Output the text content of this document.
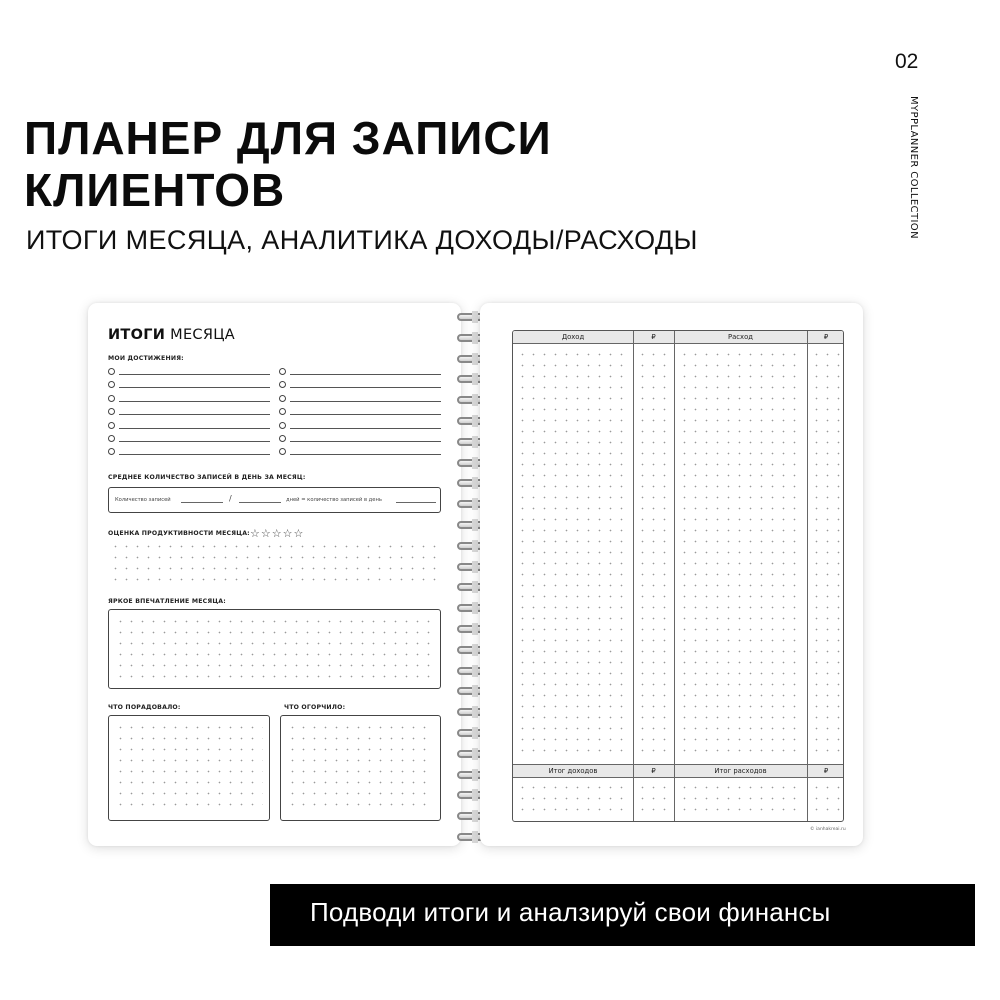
02
MYPPLANNER COLLECTION
ПЛАНЕР ДЛЯ ЗАПИСИ
КЛИЕНТОВ
ИТОГИ МЕСЯЦА, АНАЛИТИКА ДОХОДЫ/РАСХОДЫ
ИТОГИ МЕСЯЦА
МОИ ДОСТИЖЕНИЯ:
СРЕДНЕЕ КОЛИЧЕСТВО ЗАПИСЕЙ В ДЕНЬ ЗА МЕСЯЦ:
Количество записей	/	дней = количество записей в день
ОЦЕНКА ПРОДУКТИВНОСТИ МЕСЯЦА: ☆☆☆☆☆
ЯРКОЕ ВПЕЧАТЛЕНИЕ МЕСЯЦА:
ЧТО ПОРАДОВАЛО:	ЧТО ОГОРЧИЛО:
Доход	₽	Расход	₽
Итог доходов	₽	Итог расходов	₽
© ianhakreai.ru
Подводи итоги и аналзируй свои финансы
